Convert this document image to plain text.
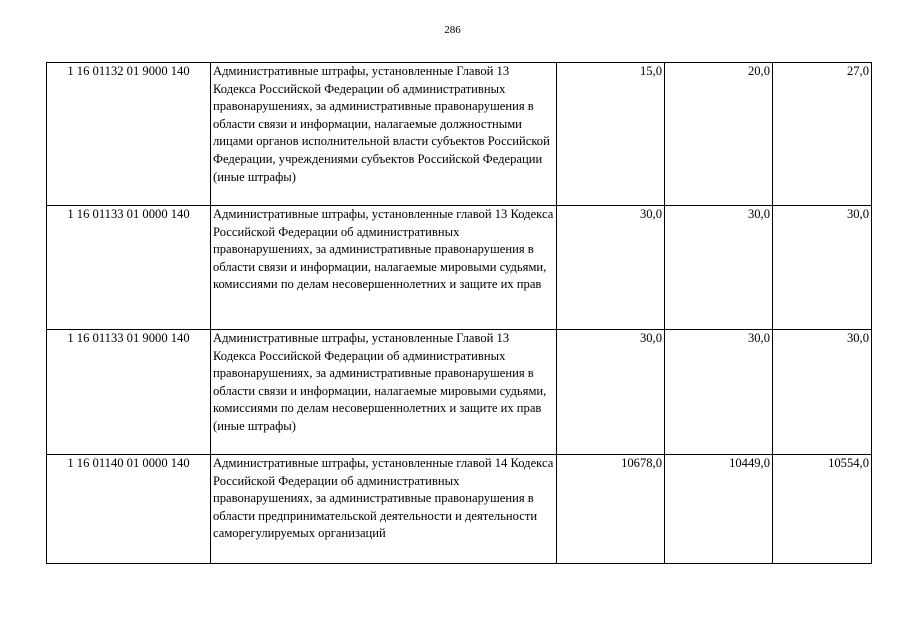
286
1 16 01132 01 9000 140	Административные штрафы, установленные Главой 13 Кодекса Российской Федерации об административных правонарушениях, за административные правонарушения в области связи и информации, налагаемые должностными лицами органов исполнительной власти субъектов Российской Федерации, учреждениями субъектов Российской Федерации (иные штрафы)	15,0	20,0	27,0
1 16 01133 01 0000 140	Административные штрафы, установленные главой 13 Кодекса Российской Федерации об административных правонарушениях, за административные правонарушения в области связи и информации, налагаемые мировыми судьями, комиссиями по делам несовершеннолетних и защите их прав	30,0	30,0	30,0
1 16 01133 01 9000 140	Административные штрафы, установленные Главой 13 Кодекса Российской Федерации об административных правонарушениях, за административные правонарушения в области связи и информации, налагаемые мировыми судьями, комиссиями по делам несовершеннолетних и защите их прав (иные штрафы)	30,0	30,0	30,0
1 16 01140 01 0000 140	Административные штрафы, установленные главой 14 Кодекса Российской Федерации об административных правонарушениях, за административные правонарушения в области предпринимательской деятельности и деятельности саморегулируемых организаций	10678,0	10449,0	10554,0
